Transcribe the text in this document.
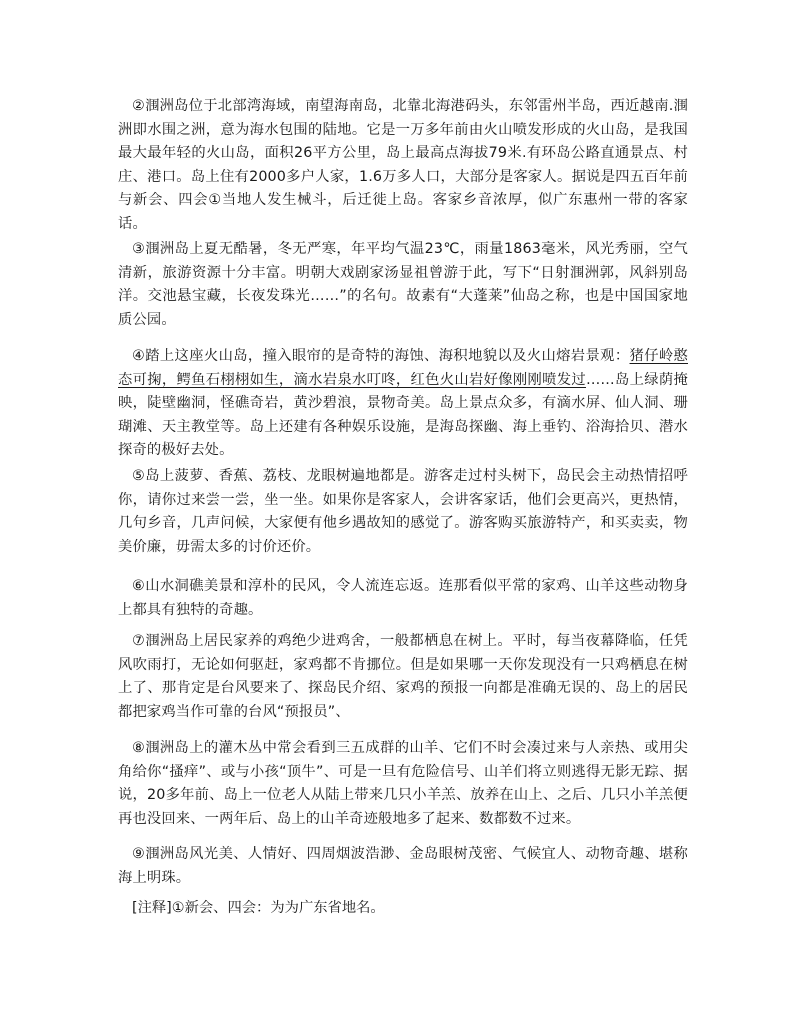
②涠洲岛位于北部湾海域，南望海南岛，北靠北海港码头，东邻雷州半岛，西近越南.涠洲即水围之洲，意为海水包围的陆地。它是一万多年前由火山喷发形成的火山岛，是我国最大最年轻的火山岛，面积26平方公里，岛上最高点海拔79米.有环岛公路直通景点、村庄、港口。岛上住有2000多户人家，1.6万多人口，大部分是客家人。据说是四五百年前与新会、四会①当地人发生械斗，后迁徙上岛。客家乡音浓厚，似广东惠州一带的客家话。
③涠洲岛上夏无酷暑，冬无严寒，年平均气温23℃，雨量1863毫米，风光秀丽，空气清新，旅游资源十分丰富。明朝大戏剧家汤显祖曾游于此，写下“日射涠洲郭，风斜别岛洋。交池悬宝藏，长夜发珠光……”的名句。故素有“大蓬莱”仙岛之称，也是中国国家地质公园。
④踏上这座火山岛，撞入眼帘的是奇特的海蚀、海积地貌以及火山熔岩景观：猪仔岭憨态可掬，鳄鱼石栩栩如生，滴水岩泉水叮咚，红色火山岩好像刚刚喷发过……岛上绿荫掩映，陡壁幽洞，怪礁奇岩，黄沙碧浪，景物奇美。岛上景点众多，有滴水屏、仙人洞、珊瑚滩、天主教堂等。岛上还建有各种娱乐设施，是海岛探幽、海上垂钓、浴海拾贝、潜水探奇的极好去处。
⑤岛上菠萝、香蕉、荔枝、龙眼树遍地都是。游客走过村头树下，岛民会主动热情招呼你，请你过来尝一尝，坐一坐。如果你是客家人，会讲客家话，他们会更高兴，更热情，几句乡音，几声问候，大家便有他乡遇故知的感觉了。游客购买旅游特产，和买卖卖，物美价廉，毋需太多的讨价还价。
⑥山水洞礁美景和淳朴的民风，令人流连忘返。连那看似平常的家鸡、山羊这些动物身上都具有独特的奇趣。
⑦涠洲岛上居民家养的鸡绝少进鸡舍，一般都栖息在树上。平时，每当夜幕降临，任凭风吹雨打，无论如何驱赶，家鸡都不肯挪位。但是如果哪一天你发现没有一只鸡栖息在树上了、那肯定是台风要来了、探岛民介绍、家鸡的预报一向都是准确无误的、岛上的居民都把家鸡当作可靠的台风“预报员”、
⑧涠洲岛上的灌木丛中常会看到三五成群的山羊、它们不时会凑过来与人亲热、或用尖角给你“搔痒”、或与小孩“顶牛”、可是一旦有危险信号、山羊们将立则逃得无影无踪、据说，20多年前、岛上一位老人从陆上带来几只小羊羔、放养在山上、之后、几只小羊羔便再也没回来、一两年后、岛上的山羊奇迹般地多了起来、数都数不过来。
⑨涠洲岛风光美、人情好、四周烟波浩渺、金岛眼树茂密、气候宜人、动物奇趣、堪称海上明珠。
[注释]①新会、四会：为为广东省地名。
